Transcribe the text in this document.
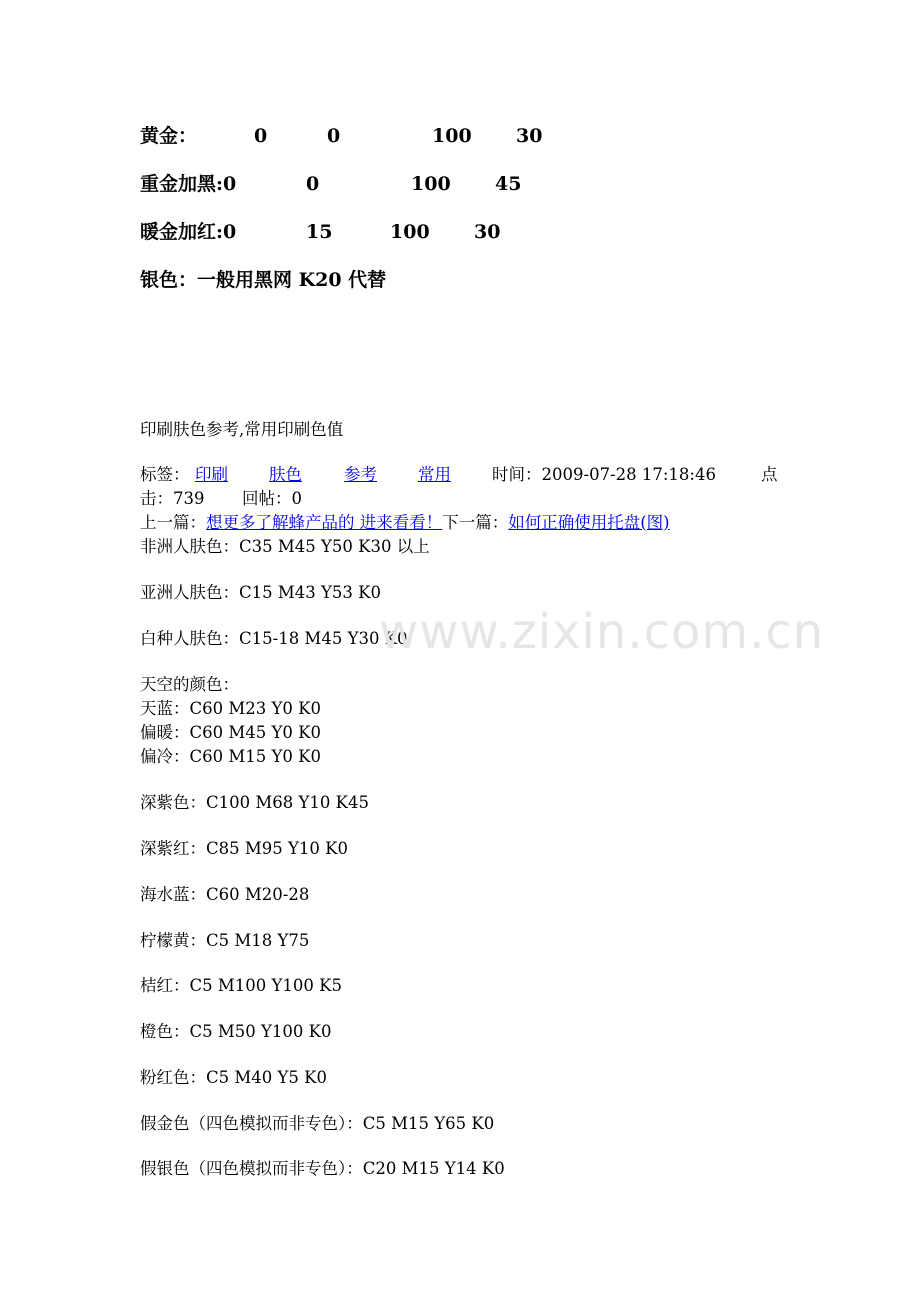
黄金：	0	0	100 30
重金加黑:0	0	100 45
暖金加红:0	15	100 30
银色：一般用黑网 K20 代替
印刷肤色参考,常用印刷色值
标签： 印刷 肤色	参考 常用 时间：2009-07-28 17:18:46	点
击：739 回帖：0
上一篇：想更多了解蜂产品的 进来看看！下一篇：如何正确使用托盘(图)
非洲人肤色：C35 M45 Y50 K30 以上
亚洲人肤色：C15 M43 Y53 K0
白种人肤色：C15-18 M45 Y30 K0
天空的颜色：
天蓝：C60 M23 Y0 K0
偏暖：C60 M45 Y0 K0
偏冷：C60 M15 Y0 K0
深紫色：C100 M68 Y10 K45
深紫红：C85 M95 Y10 K0
海水蓝：C60 M20-28
柠檬黄：C5 M18 Y75
桔红：C5 M100 Y100 K5
橙色：C5 M50 Y100 K0
粉红色：C5 M40 Y5 K0
假金色（四色模拟而非专色）：C5 M15 Y65 K0
假银色（四色模拟而非专色）：C20 M15 Y14 K0
www.zixin.com.cn
